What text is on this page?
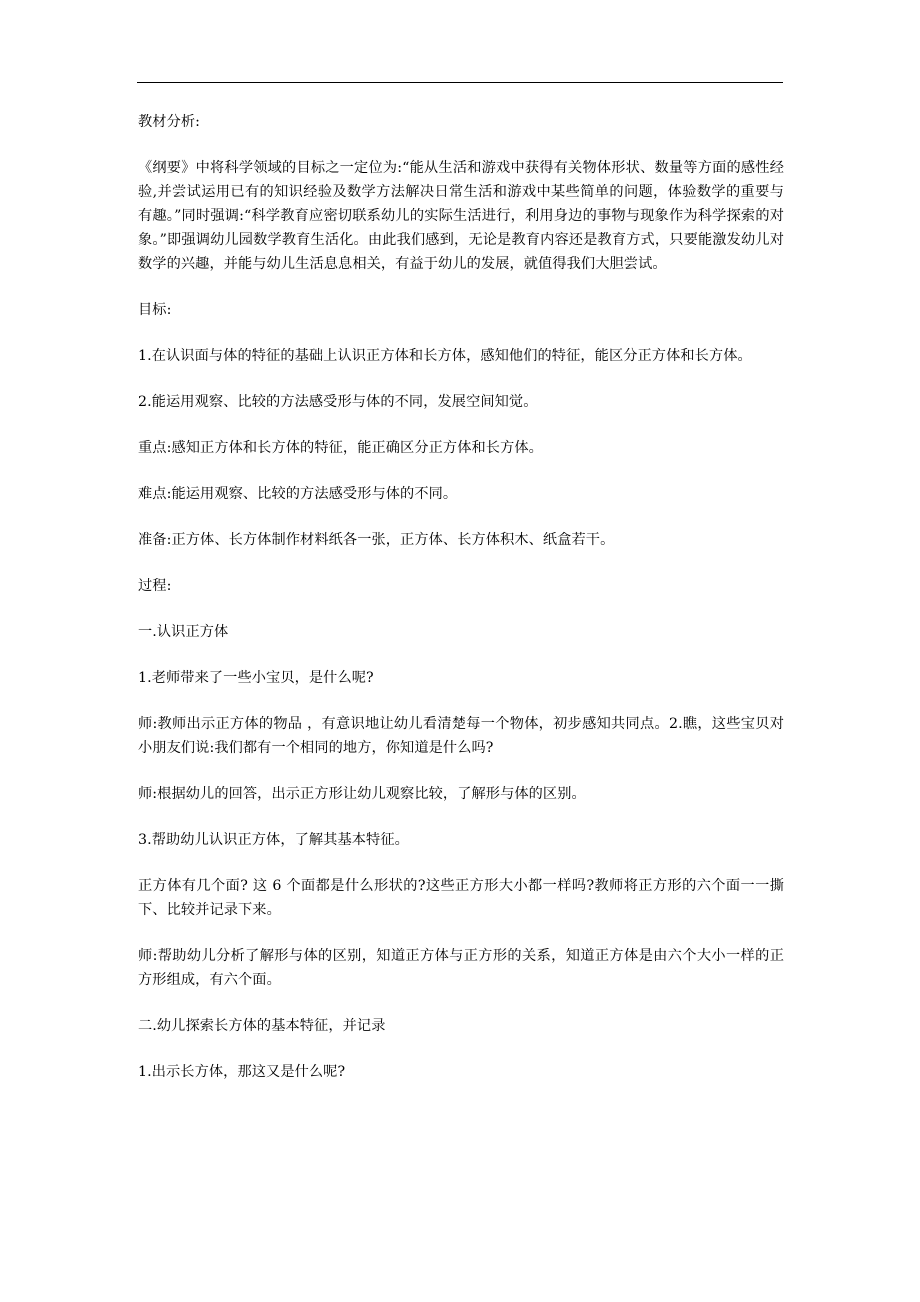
教材分析:

《纲要》中将科学领域的目标之一定位为:“能从生活和游戏中获得有关物体形状、数量等方面的感性经验,并尝试运用已有的知识经验及数学方法解决日常生活和游戏中某些简单的问题，体验数学的重要与有趣。”同时强调:“科学教育应密切联系幼儿的实际生活进行，利用身边的事物与现象作为科学探索的对象。”即强调幼儿园数学教育生活化。由此我们感到，无论是教育内容还是教育方式，只要能激发幼儿对数学的兴趣，并能与幼儿生活息息相关，有益于幼儿的发展，就值得我们大胆尝试。

目标:

1.在认识面与体的特征的基础上认识正方体和长方体，感知他们的特征，能区分正方体和长方体。

2.能运用观察、比较的方法感受形与体的不同，发展空间知觉。

重点:感知正方体和长方体的特征，能正确区分正方体和长方体。

难点:能运用观察、比较的方法感受形与体的不同。

准备:正方体、长方体制作材料纸各一张，正方体、长方体积木、纸盒若干。

过程:

一.认识正方体

1.老师带来了一些小宝贝，是什么呢?

师:教师出示正方体的物品 ，有意识地让幼儿看清楚每一个物体，初步感知共同点。2.瞧，这些宝贝对小朋友们说:我们都有一个相同的地方，你知道是什么吗?

师:根据幼儿的回答，出示正方形让幼儿观察比较，了解形与体的区别。

3.帮助幼儿认识正方体，了解其基本特征。

正方体有几个面? 这 6 个面都是什么形状的?这些正方形大小都一样吗?教师将正方形的六个面一一撕下、比较并记录下来。

师:帮助幼儿分析了解形与体的区别，知道正方体与正方形的关系，知道正方体是由六个大小一样的正方形组成，有六个面。

二.幼儿探索长方体的基本特征，并记录

1.出示长方体，那这又是什么呢?
